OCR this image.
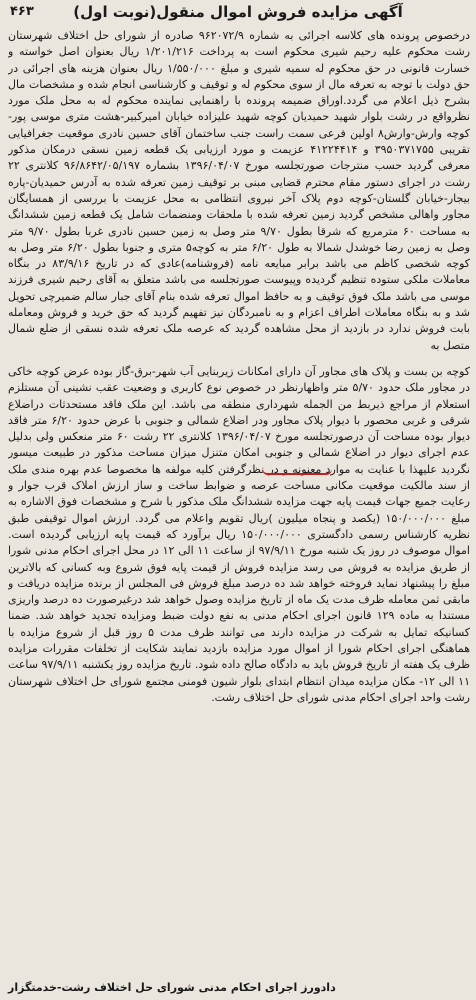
۴۶۳	آگهی مزایده فروش اموال منقول(نوبت اول)

درخصوص پرونده های کلاسه اجرائی به شماره ۹۶۲۰۷۲/۹ صادره از شورای حل اختلاف شهرستان رشت محکوم علیه رحیم شیری محکوم است به پرداخت ۱/۲۰۱/۲۱۶ ریال بعنوان اصل خواسته و خسارت قانونی در حق محکوم له سمیه شیری و مبلغ ۱/۵۵۰/۰۰۰ ریال بعنوان هزینه های اجرائی در حق دولت با توجه به تعرفه مال از سوی محکوم له و توقیف و کارشناسی انجام شده و مشخصات مال بشرح ذیل اعلام می گردد.اوراق ضمیمه پرونده با راهنمایی نماینده محکوم له به محل ملک مورد نظرواقع در رشت بلوار شهید حمیدیان کوچه شهید علیزاده خیابان امیرکبیر-هشت متری موسی پور-کوچه وارش-وارش۸ اولین فرعی سمت راست جنب ساختمان آقای حسین نادری موقعیت جغرافیایی تقریبی ۳۹۵۰۳۷۱۷۵۵ و ۴۱۲۲۴۴۱۴ عزیمت و مورد ارزیابی یک قطعه زمین نسقی درمکان مذکور معرفی گردید حسب منترجات صورتجلسه مورخ ۱۳۹۶/۰۴/۰۷ بشماره ۹۶/۸۶۴۲/۰۵/۱۹۷ کلانتری ۲۲ رشت در اجرای دستور مقام محترم قضایی مبنی بر توقیف زمین تعرفه شده به آدرس حمیدیان-پاره بیجار-خیابان گلستان-کوچه دوم پلاک آخر نیروی انتظامی به محل عزیمت با بررسی از همسایگان مجاور واهالی مشخص گردید زمین تعرفه شده با ملحقات ومنضمات شامل یک قطعه زمین ششدانگ به مساحت ۶۰ مترمربع که شرقا بطول ۹/۷۰ متر وصل به زمین حسین نادری غربا بطول ۹/۷۰ متر وصل به زمین رضا خوشدل شمالا به طول ۶/۲۰ متر به کوچه۵ متری و جنوبا بطول ۶/۲۰ متر وصل به کوچه شخصی کاظم می باشد برابر مبایعه نامه (فروشنامه)عادی که در تاریخ ۸۳/۹/۱۶ در بنگاه معاملات ملکی ستوده تنظیم گردیده وپیوست صورتجلسه می باشد متعلق به آقای رحیم شیری فرزند موسی می باشد ملک فوق توقیف و به حافظ اموال تعرفه شده بنام آقای جبار سالم ضمیرچی تحویل شد و به بنگاه معاملات اطراف اعزام و به نامبردگان نیز تفهیم گردید که حق خرید و فروش ومعامله بابت فروش ندارد در بازدید از محل مشاهده گردید که عرصه ملک تعرفه شده نسقی از ضلع شمال متصل به

کوچه بن بست و پلاک های مجاور آن دارای امکانات زیربنایی آب شهر-برق-گاز بوده عرض کوچه خاکی در مجاور ملک حدود ۵/۷۰ متر واظهارنظر در خصوص نوع کاربری و وضعیت عقب نشینی آن مستلزم استعلام از مراجع ذیربط من الجمله شهرداری منطقه می باشد. این ملک فاقد مستحدثات دراضلاع شرقی و غربی محصور با دیوار پلاک مجاور ودر اضلاع شمالی و جنوبی با عرض حدود ۶/۲۰ متر فاقد دیوار بوده مساحت آن درصورتجلسه مورخ ۱۳۹۶/۰۴/۰۷ کلانتری ۲۲ رشت ۶۰ متر منعکس ولی بدلیل عدم اجرای دیوار در اضلاع شمالی و جنوبی امکان متنزل میزان مساحت مذکور در طبیعت میسور نگردید علیهذا با عنایت به موارد معنونه و در نظرگرفتن کلیه مولفه ها مخصوصا عدم بهره مندی ملک از سند مالکیت موقعیت مکانی مساحت عرصه و ضوابط ساخت و ساز ارزش املاک قرب جوار و رعایت جمیع جهات قیمت پایه جهت مزایده ششدانگ ملک مذکور با شرح و مشخصات فوق الاشاره به مبلغ ۱۵۰/۰۰۰/۰۰۰ (یکصد و پنجاه میلیون )ریال تقویم واعلام می گردد. ارزش اموال توقیفی طبق نظریه کارشناس رسمی دادگستری ۱۵۰/۰۰۰/۰۰۰ ریال برآورد که قیمت پایه ارزیابی گردیده است. اموال موصوف در روز یک شنبه مورخ ۹۷/۹/۱۱ از ساعت ۱۱ الی ۱۲ در محل اجرای احکام مدنی شورا از طریق مزایده به فروش می رسد مزایده فروش از قیمت پایه فوق شروع وبه کسانی که بالاترین مبلغ را پیشنهاد نماید فروخته خواهد شد ده درصد مبلغ فروش فی المجلس از برنده مزایده دریافت و مابقی ثمن معامله ظرف مدت یک ماه از تاریخ مزایده وصول خواهد شد درغیرصورت ده درصد واریزی مستندا به ماده ۱۲۹ قانون اجرای احکام مدنی به نفع دولت ضبط ومزایده تجدید خواهد شد. ضمنا کسانیکه تمایل به شرکت در مزایده دارند می توانند ظرف مدت ۵ روز قبل از شروع مزایده با هماهنگی اجرای احکام شورا از اموال مورد مزایده بازدید نمایند شکایت از تخلفات مقررات مزایده ظرف یک هفته از تاریخ فروش باید به دادگاه صالح داده شود. تاریخ مزایده روز یکشنبه ۹۷/۹/۱۱ ساعت ۱۱ الی ۱۲- مکان مزایده میدان انتظام ابتدای بلوار شیون فومنی مجتمع شورای حل اختلاف شهرستان رشت واحد اجرای احکام مدنی شورای حل اختلاف رشت.

دادورز اجرای احکام مدنی شورای حل اختلاف رشت-خدمتگزار
